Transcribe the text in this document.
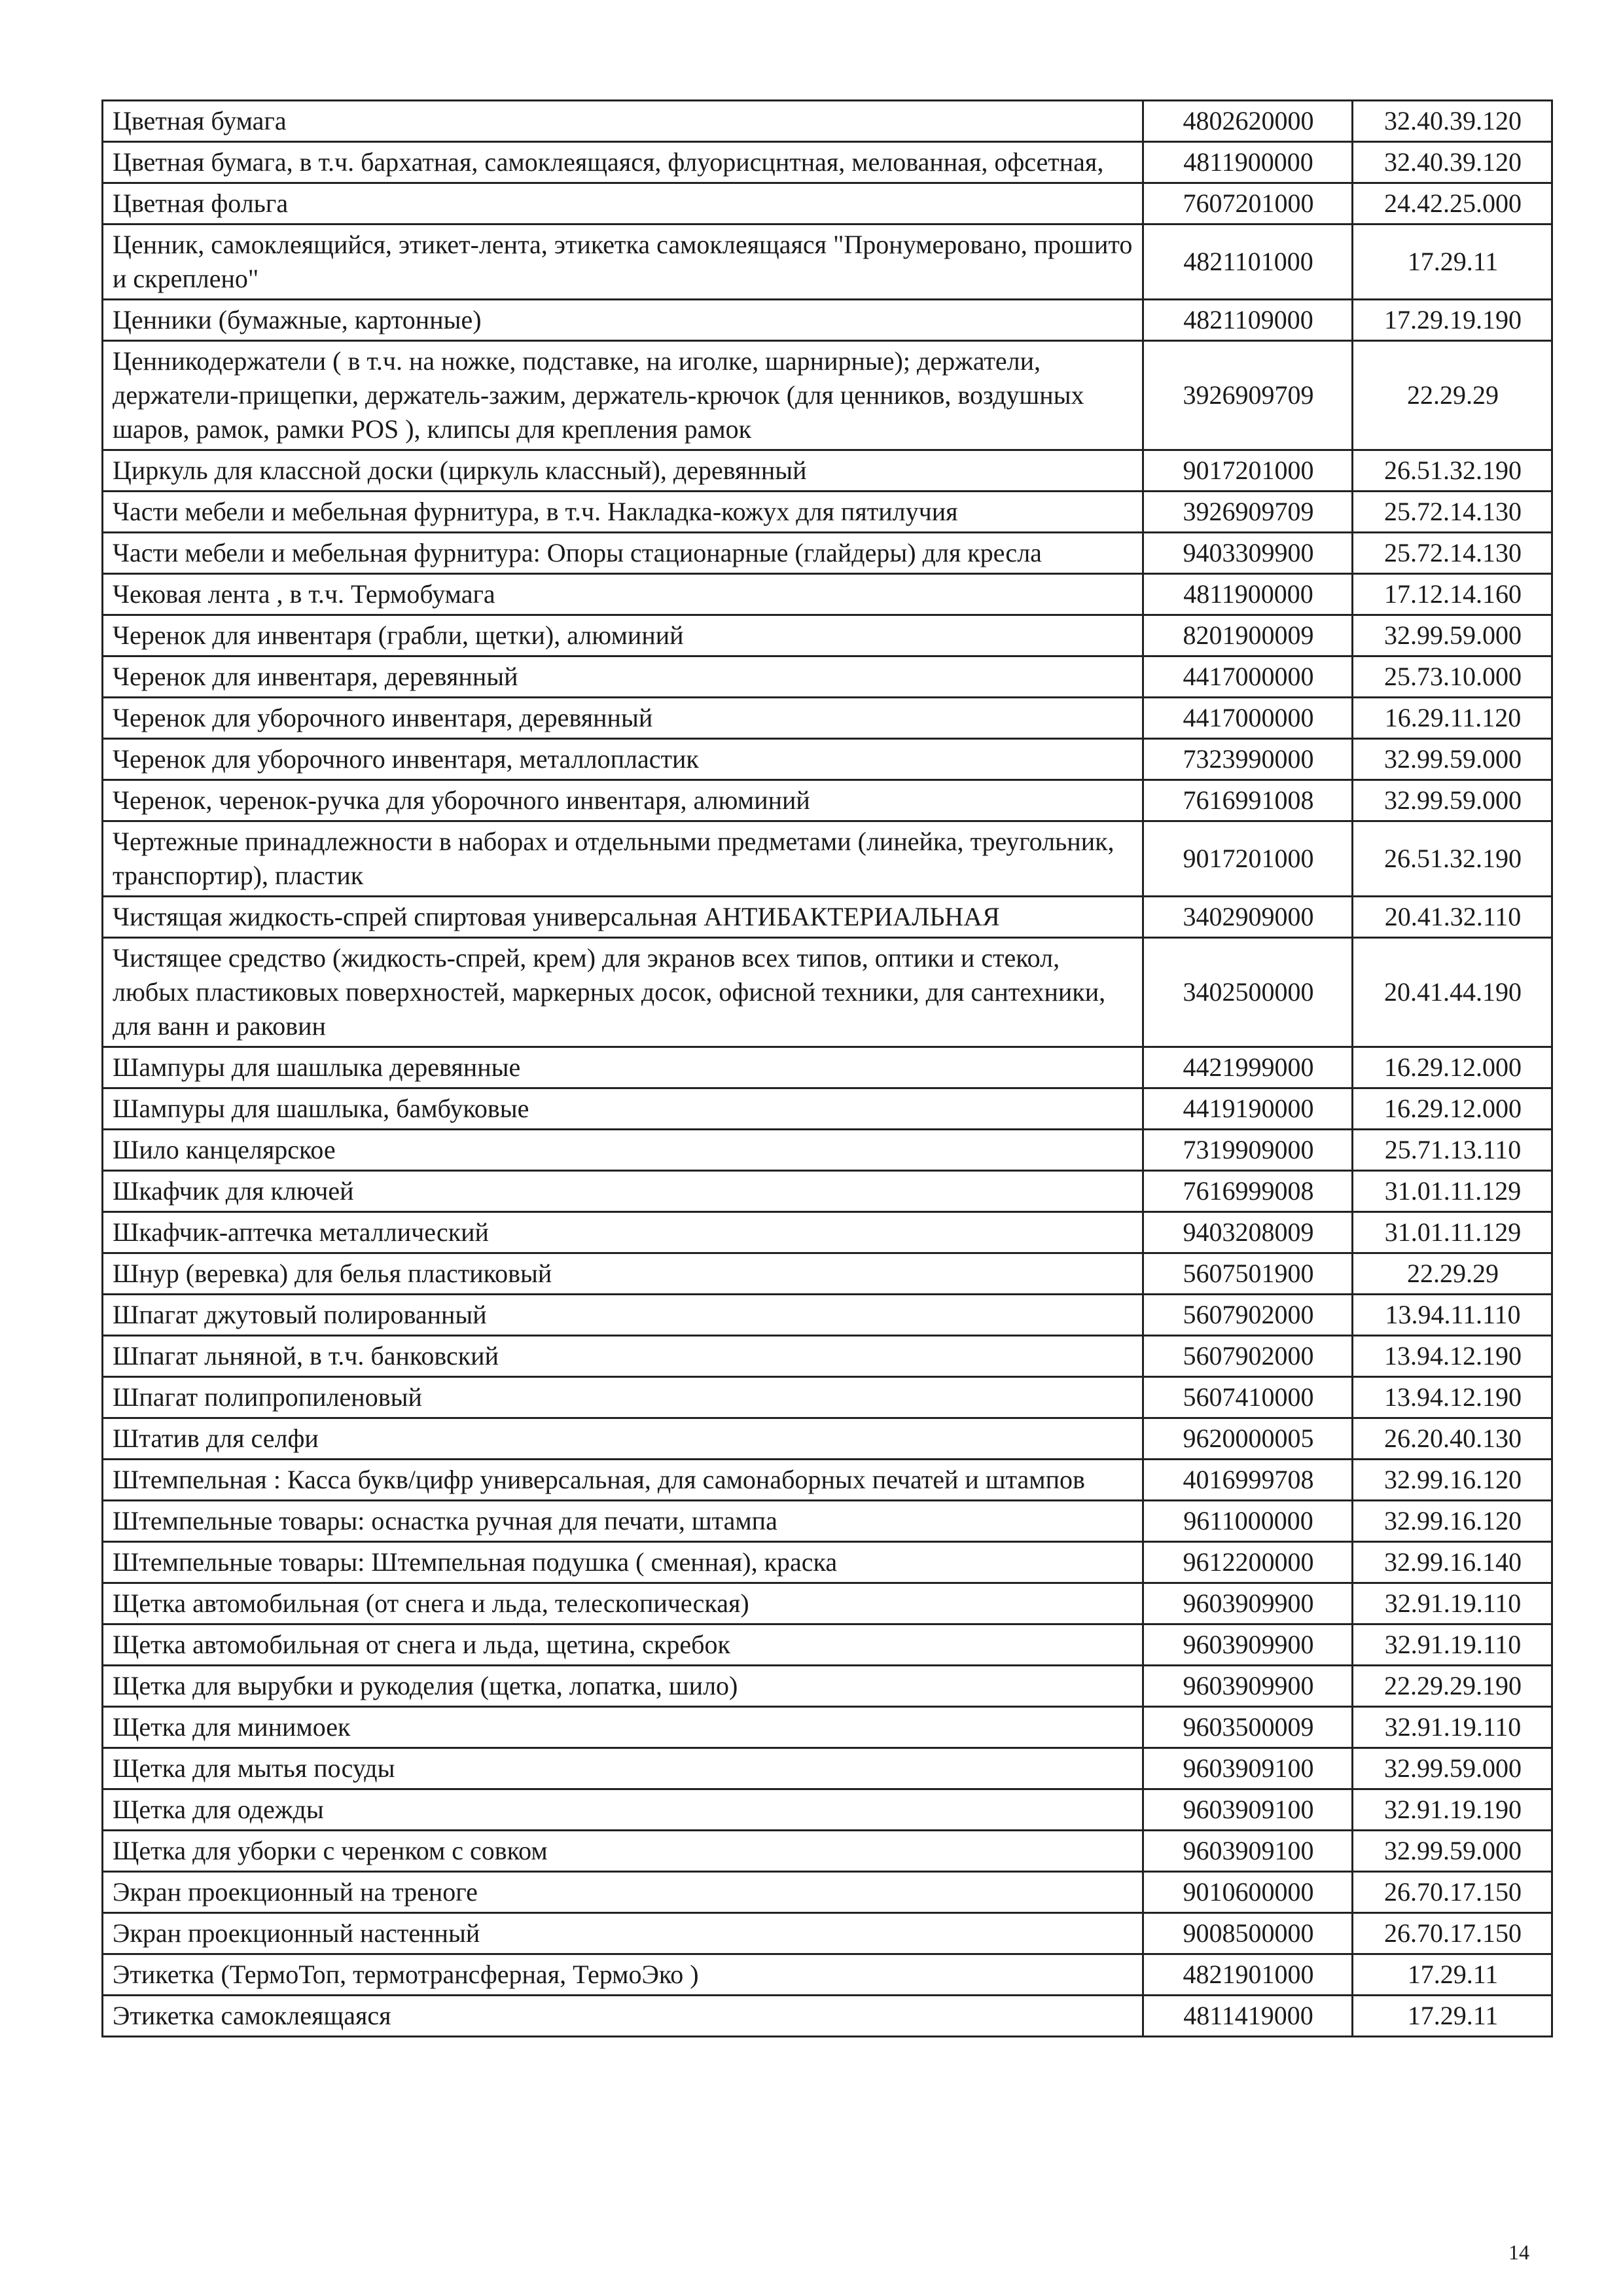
Цветная бумага	4802620000	32.40.39.120
Цветная бумага, в т.ч. бархатная, самоклеящаяся, флуорисцнтная, мелованная, офсетная,	4811900000	32.40.39.120
Цветная фольга	7607201000	24.42.25.000
Ценник, самоклеящийся, этикет-лента, этикетка самоклеящаяся "Пронумеровано, прошито и скреплено"	4821101000	17.29.11
Ценники (бумажные, картонные)	4821109000	17.29.19.190
Ценникодержатели ( в т.ч. на ножке, подставке, на иголке, шарнирные); держатели, держатели-прищепки, держатель-зажим, держатель-крючок (для ценников, воздушных шаров, рамок, рамки POS ), клипсы для крепления рамок	3926909709	22.29.29
Циркуль для классной доски (циркуль классный), деревянный	9017201000	26.51.32.190
Части мебели и мебельная фурнитура, в т.ч. Накладка-кожух для пятилучия	3926909709	25.72.14.130
Части мебели и мебельная фурнитура: Опоры стационарные (глайдеры) для кресла	9403309900	25.72.14.130
Чековая лента , в т.ч. Термобумага	4811900000	17.12.14.160
Черенок для инвентаря (грабли, щетки), алюминий	8201900009	32.99.59.000
Черенок для инвентаря, деревянный	4417000000	25.73.10.000
Черенок для уборочного инвентаря, деревянный	4417000000	16.29.11.120
Черенок для уборочного инвентаря, металлопластик	7323990000	32.99.59.000
Черенок, черенок-ручка для уборочного инвентаря, алюминий	7616991008	32.99.59.000
Чертежные принадлежности в наборах и отдельными предметами (линейка, треугольник, транспортир), пластик	9017201000	26.51.32.190
Чистящая жидкость-спрей спиртовая универсальная АНТИБАКТЕРИАЛЬНАЯ	3402909000	20.41.32.110
Чистящее средство (жидкость-спрей, крем) для экранов всех типов, оптики и стекол, любых пластиковых поверхностей, маркерных досок, офисной техники, для сантехники, для ванн и раковин	3402500000	20.41.44.190
Шампуры для шашлыка деревянные	4421999000	16.29.12.000
Шампуры для шашлыка, бамбуковые	4419190000	16.29.12.000
Шило канцелярское	7319909000	25.71.13.110
Шкафчик для ключей	7616999008	31.01.11.129
Шкафчик-аптечка металлический	9403208009	31.01.11.129
Шнур (веревка) для белья пластиковый	5607501900	22.29.29
Шпагат джутовый полированный	5607902000	13.94.11.110
Шпагат льняной, в т.ч. банковский	5607902000	13.94.12.190
Шпагат полипропиленовый	5607410000	13.94.12.190
Штатив для селфи	9620000005	26.20.40.130
Штемпельная : Касса букв/цифр универсальная, для самонаборных печатей и штампов	4016999708	32.99.16.120
Штемпельные товары: оснастка ручная для печати, штампа	9611000000	32.99.16.120
Штемпельные товары: Штемпельная подушка ( сменная), краска	9612200000	32.99.16.140
Щетка автомобильная (от снега и льда, телескопическая)	9603909900	32.91.19.110
Щетка автомобильная от снега и льда, щетина, скребок	9603909900	32.91.19.110
Щетка для вырубки и рукоделия (щетка, лопатка, шило)	9603909900	22.29.29.190
Щетка для минимоек	9603500009	32.91.19.110
Щетка для мытья посуды	9603909100	32.99.59.000
Щетка для одежды	9603909100	32.91.19.190
Щетка для уборки с черенком с совком	9603909100	32.99.59.000
Экран проекционный на треноге	9010600000	26.70.17.150
Экран проекционный настенный	9008500000	26.70.17.150
Этикетка (ТермоТоп, термотрансферная, ТермоЭко )	4821901000	17.29.11
Этикетка самоклеящаяся	4811419000	17.29.11
14
